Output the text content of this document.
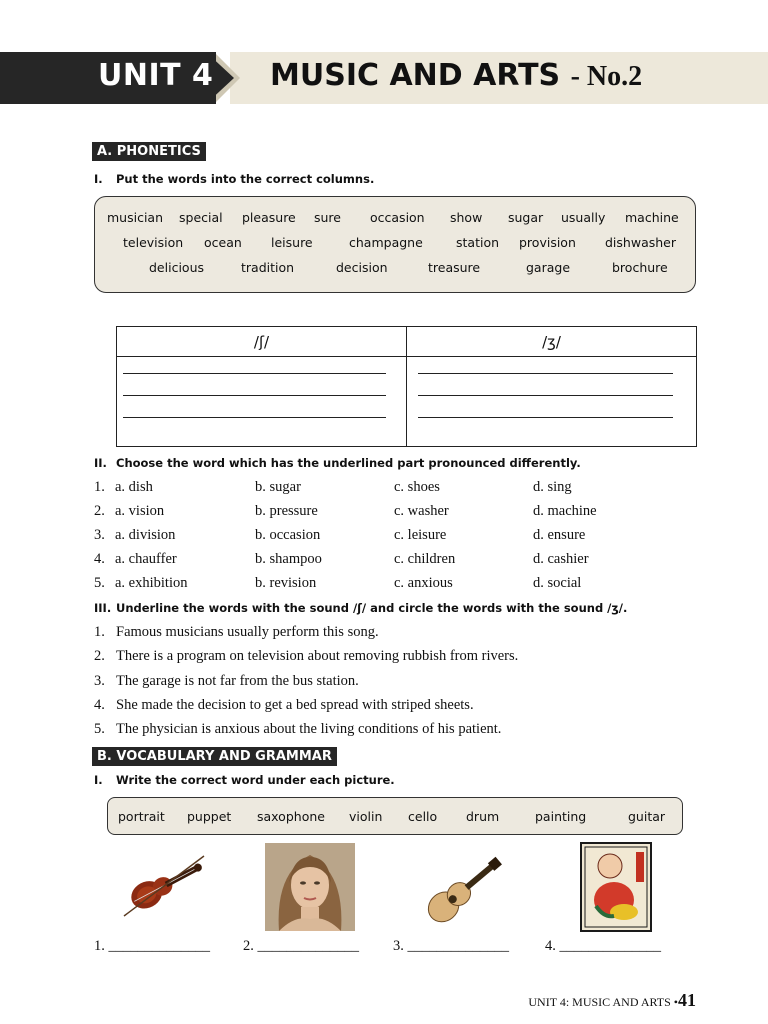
UNIT 4 MUSIC AND ARTS - No.2
A. PHONETICS
I. Put the words into the correct columns.
musician special pleasure sure occasion show sugar usually machine
television ocean leisure	champagne	station provision dishwasher
delicious	tradition	decision	treasure	garage	brochure
/ʃ/	/ʒ/

II. Choose the word which has the underlined part pronounced differently.
1. a. dish	b. sugar	c. shoes	d. sing
2. a. vision	b. pressure	c. washer	d. machine
3. a. division	b. occasion	c. leisure	d. ensure
4. a. chauffer	b. shampoo	c. children	d. cashier
5. a. exhibition	b. revision	c. anxious	d. social
III. Underline the words with the sound /ʃ/ and circle the words with the sound /ʒ/.
1. Famous musicians usually perform this song.
2. There is a program on television about removing rubbish from rivers.
3. The garage is not far from the bus station.
4. She made the decision to get a bed spread with striped sheets.
5. The physician is anxious about the living conditions of his patient.
B. VOCABULARY AND GRAMMAR
I. Write the correct word under each picture.
portrait puppet saxophone violin cello drum	painting	guitar
1. ______________ 2. ______________ 3. ______________ 4. ______________
UNIT 4: MUSIC AND ARTS •41
